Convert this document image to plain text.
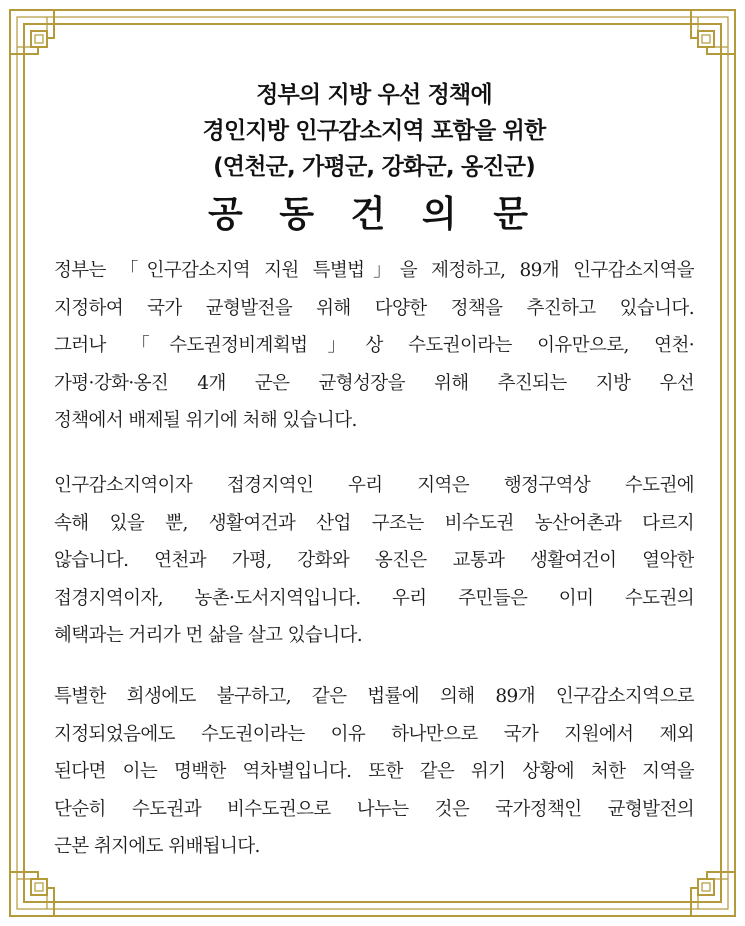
정부의 지방 우선 정책에
경인지방 인구감소지역 포함을 위한
(연천군, 가평군, 강화군, 옹진군)
공 동 건 의 문
정부는 「인구감소지역 지원 특별법」을 제정하고, 89개 인구감소지역을
지정하여 국가 균형발전을 위해 다양한 정책을 추진하고 있습니다.
그러나 「수도권정비계획법」상 수도권이라는 이유만으로, 연천·
가평·강화·옹진 4개 군은 균형성장을 위해 추진되는 지방 우선
정책에서 배제될 위기에 처해 있습니다.
인구감소지역이자 접경지역인 우리 지역은 행정구역상 수도권에
속해 있을 뿐, 생활여건과 산업 구조는 비수도권 농산어촌과 다르지
않습니다. 연천과 가평, 강화와 옹진은 교통과 생활여건이 열악한
접경지역이자, 농촌·도서지역입니다. 우리 주민들은 이미 수도권의
혜택과는 거리가 먼 삶을 살고 있습니다.
특별한 희생에도 불구하고, 같은 법률에 의해 89개 인구감소지역으로
지정되었음에도 수도권이라는 이유 하나만으로 국가 지원에서 제외
된다면 이는 명백한 역차별입니다. 또한 같은 위기 상황에 처한 지역을
단순히 수도권과 비수도권으로 나누는 것은 국가정책인 균형발전의
근본 취지에도 위배됩니다.
